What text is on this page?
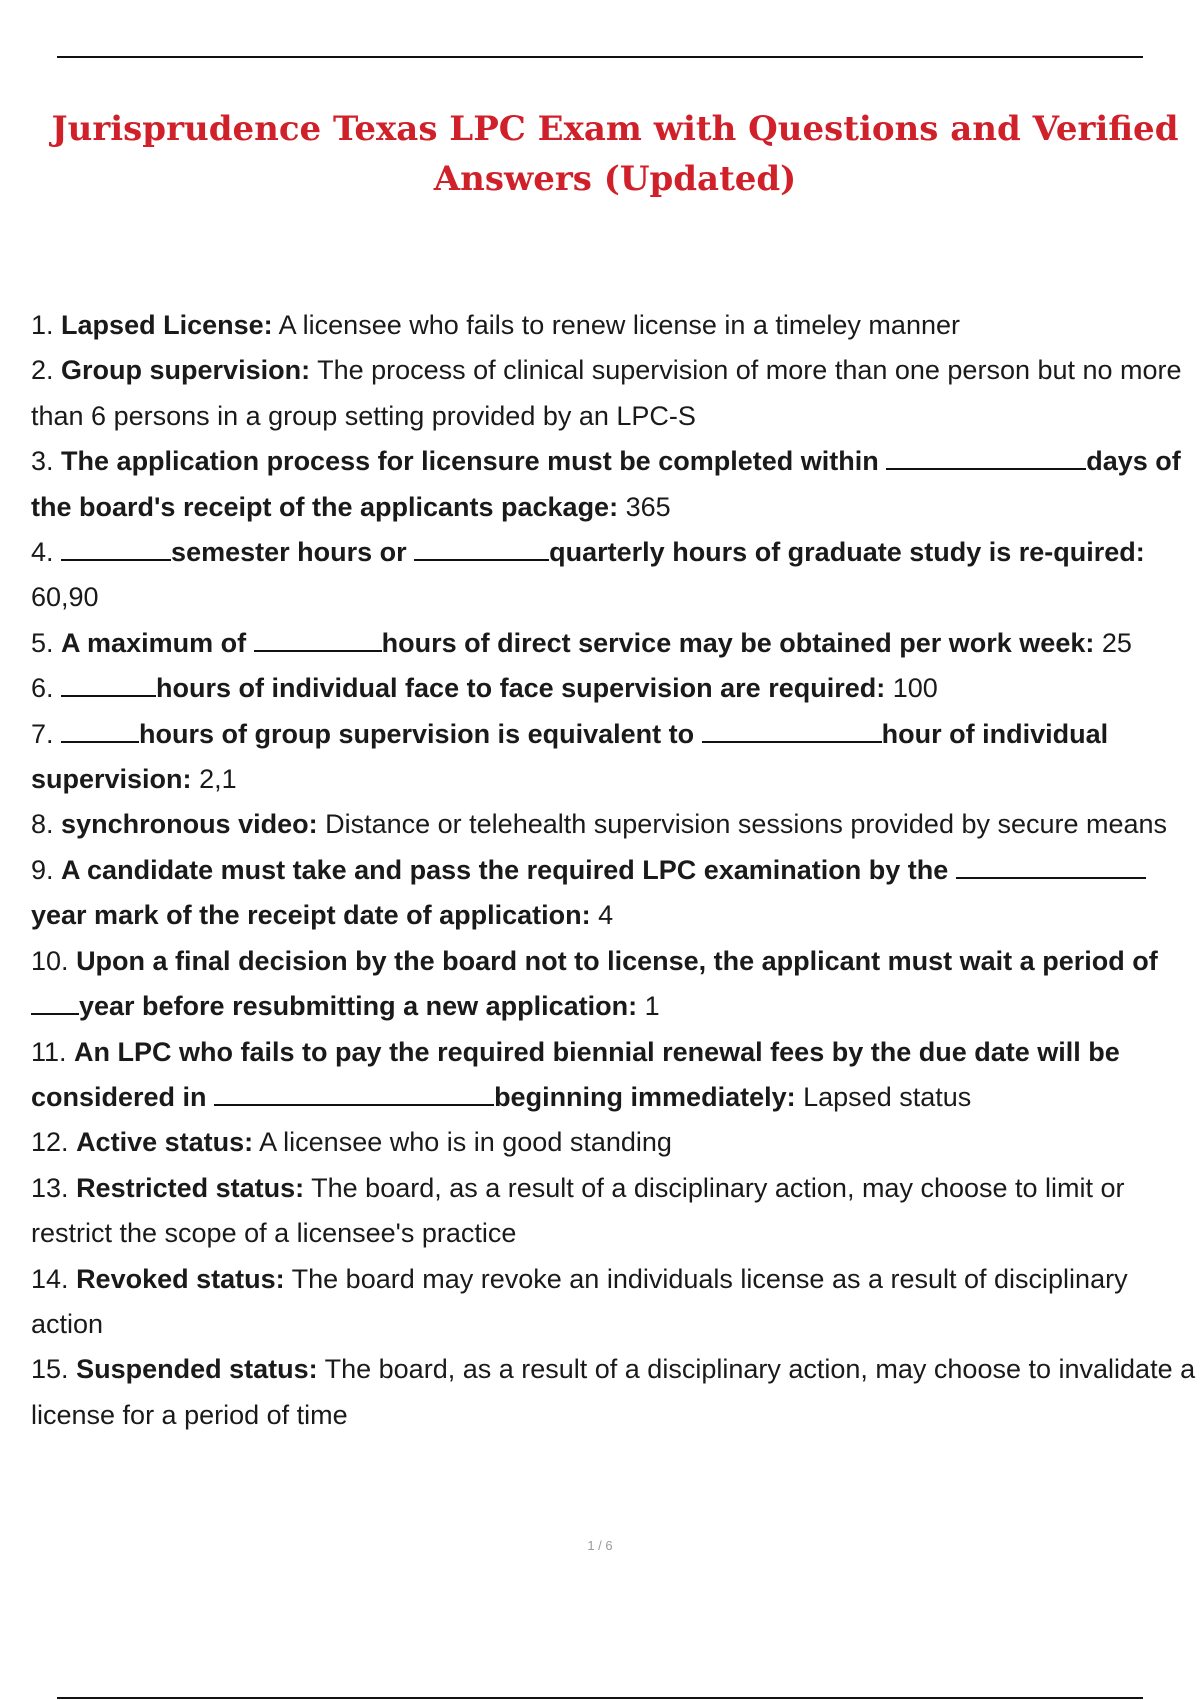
Jurisprudence Texas LPC Exam with Questions and Verified Answers (Updated)
1. Lapsed License: A licensee who fails to renew license in a timeley manner
2. Group supervision: The process of clinical supervision of more than one person but no more than 6 persons in a group setting provided by an LPC-S
3. The application process for licensure must be completed within	days of the board's receipt of the applicants package: 365
4.	semester hours or	quarterly hours of graduate study is re-quired: 60,90
5. A maximum of	hours of direct service may be obtained per work week: 25
6.	hours of individual face to face supervision are required: 100
7.	hours of group supervision is equivalent to	hour of individual supervision: 2,1
8. synchronous video: Distance or telehealth supervision sessions provided by secure means
9. A candidate must take and pass the required LPC examination by the year mark of the receipt date of application: 4
10. Upon a final decision by the board not to license, the applicant must wait a period of year before resubmitting a new application: 1
11. An LPC who fails to pay the required biennial renewal fees by the due date will be considered in	beginning immediately: Lapsed status
12. Active status: A licensee who is in good standing
13. Restricted status: The board, as a result of a disciplinary action, may choose to limit or restrict the scope of a licensee's practice
14. Revoked status: The board may revoke an individuals license as a result of disciplinary action
15. Suspended status: The board, as a result of a disciplinary action, may choose to invalidate a license for a period of time
1 / 6
